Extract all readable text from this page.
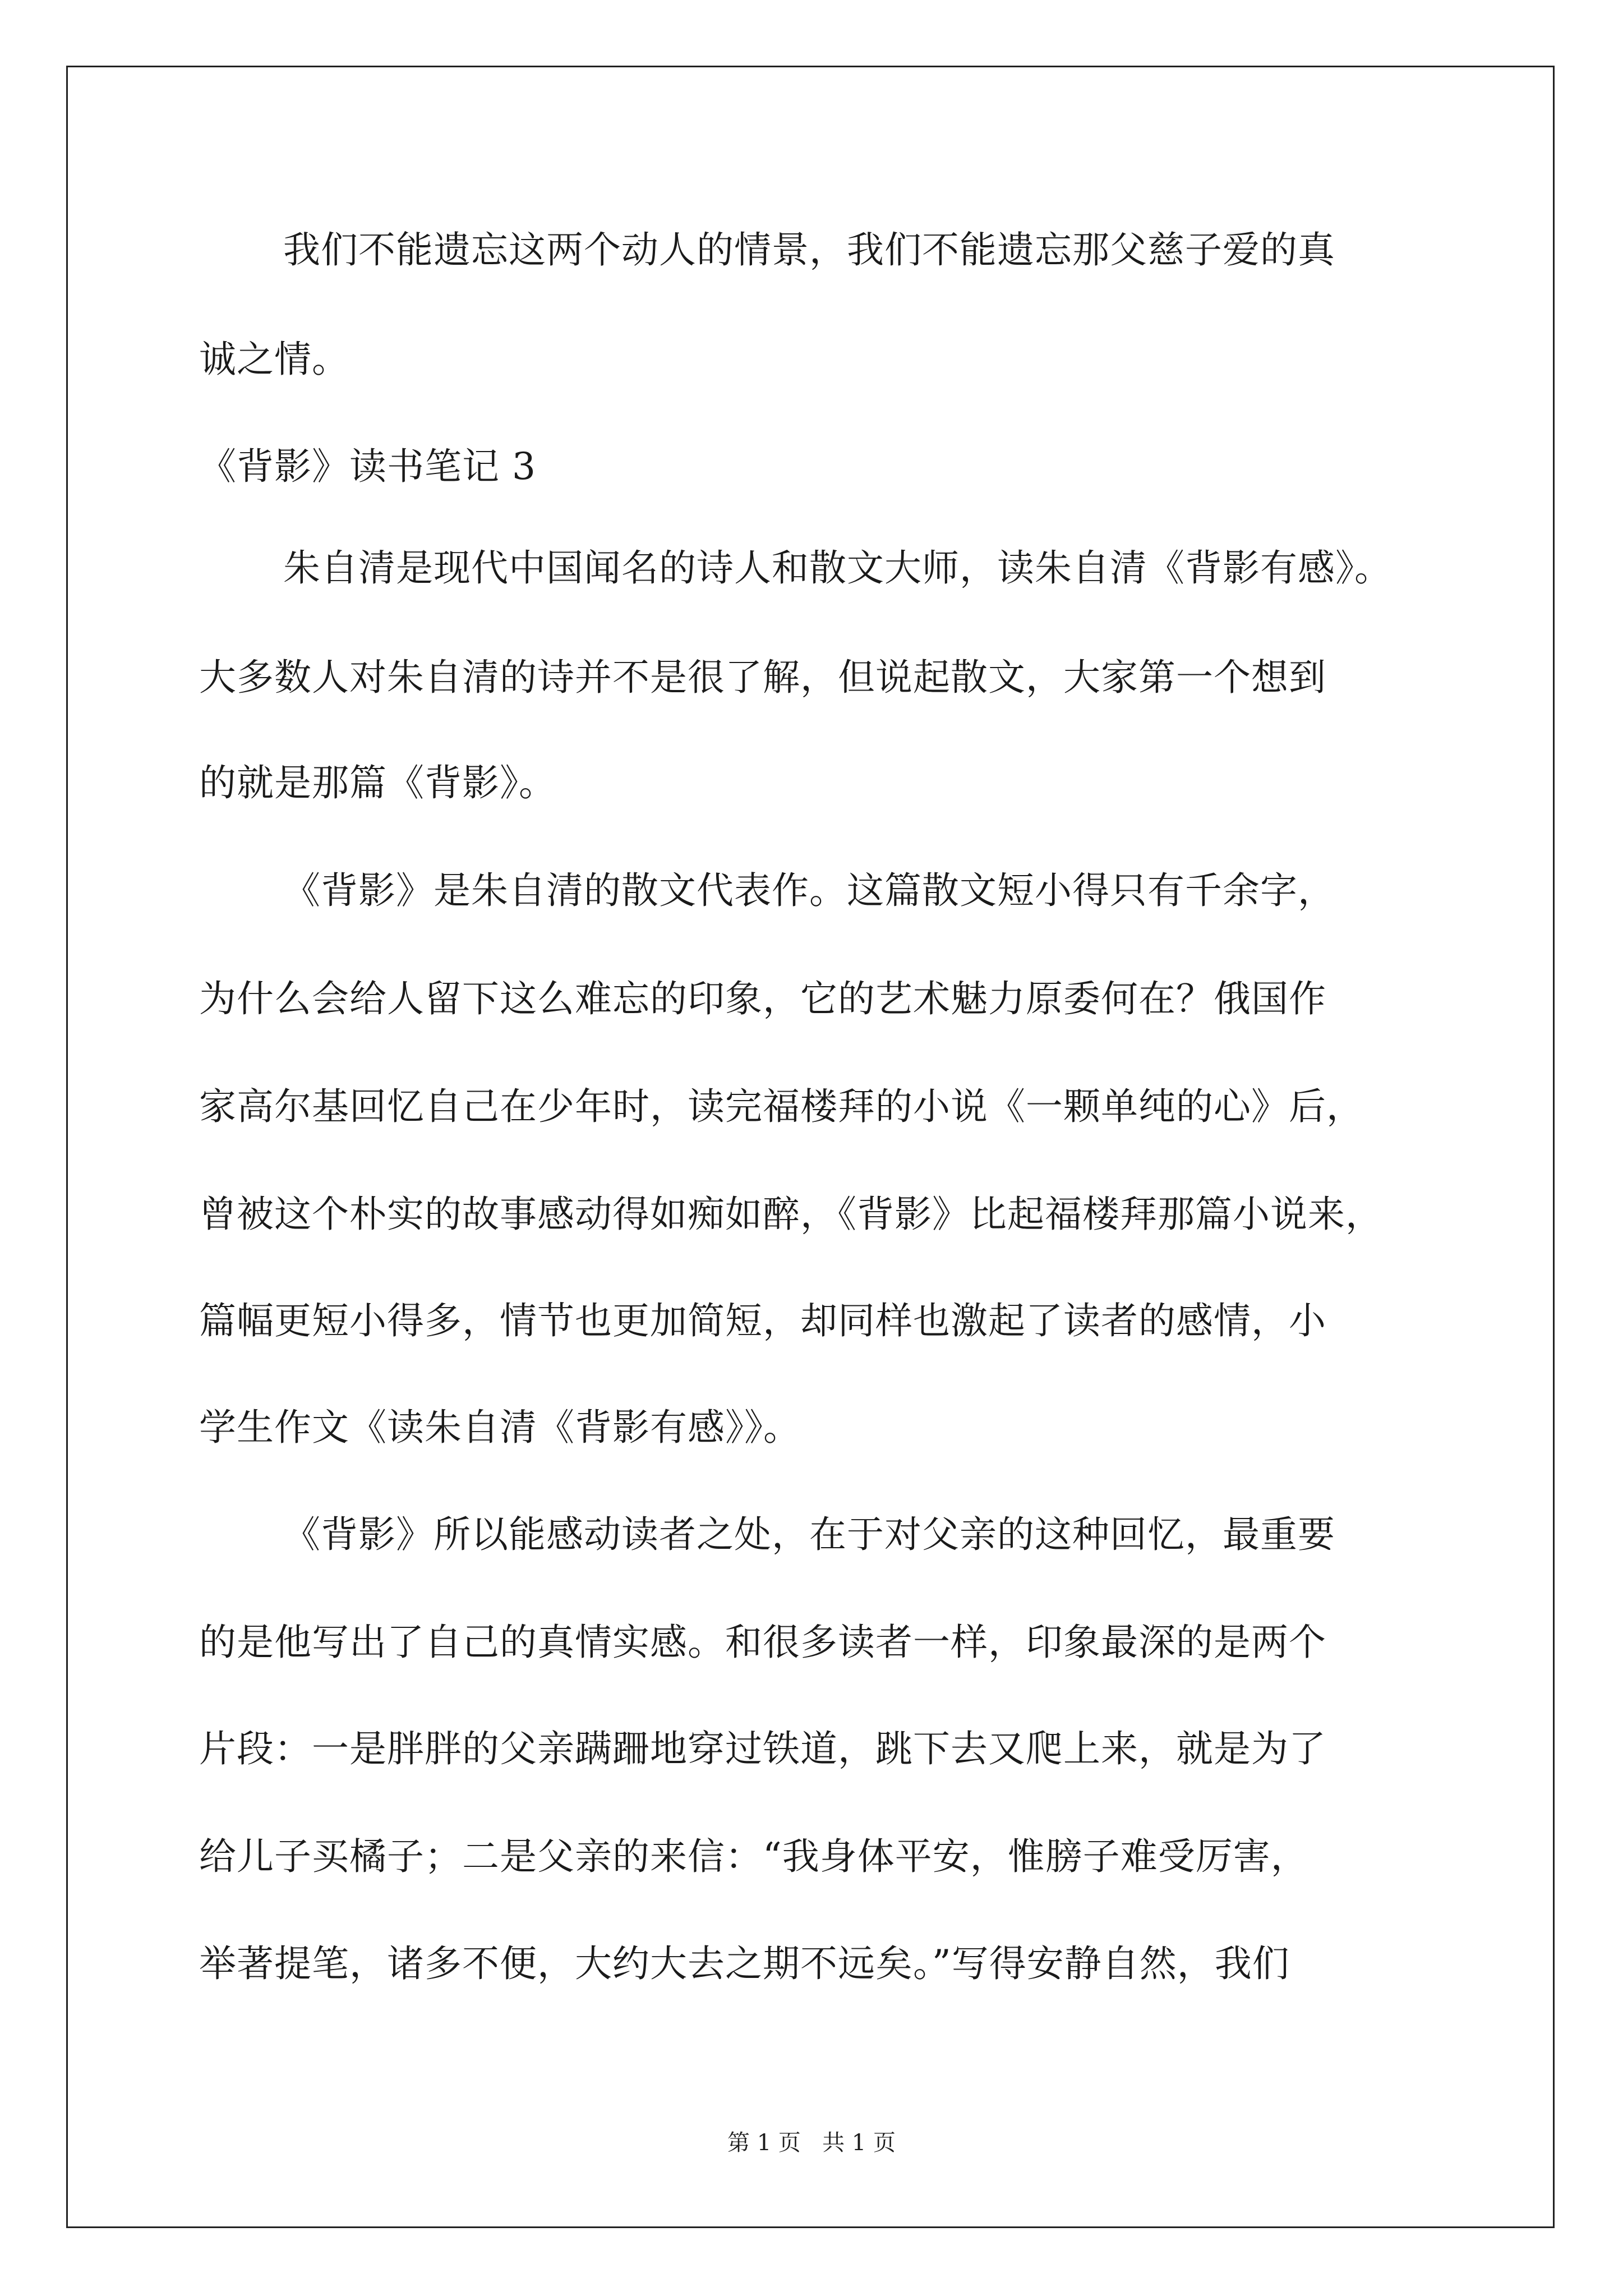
我们不能遗忘这两个动人的情景，我们不能遗忘那父慈子爱的真
诚之情。
《背影》读书笔记 3
朱自清是现代中国闻名的诗人和散文大师，读朱自清《背影有感》。
大多数人对朱自清的诗并不是很了解，但说起散文，大家第一个想到
的就是那篇《背影》。
《背影》是朱自清的散文代表作。这篇散文短小得只有千余字，
为什么会给人留下这么难忘的印象，它的艺术魅力原委何在？俄国作
家高尔基回忆自己在少年时，读完福楼拜的小说《一颗单纯的心》后，
曾被这个朴实的故事感动得如痴如醉，《背影》比起福楼拜那篇小说来，
篇幅更短小得多，情节也更加简短，却同样也激起了读者的感情，小
学生作文《读朱自清《背影有感》》。
《背影》所以能感动读者之处，在于对父亲的这种回忆，最重要
的是他写出了自己的真情实感。和很多读者一样，印象最深的是两个
片段：一是胖胖的父亲蹒跚地穿过铁道，跳下去又爬上来，就是为了
给儿子买橘子；二是父亲的来信：“我身体平安，惟膀子难受厉害，
举著提笔，诸多不便，大约大去之期不远矣。”写得安静自然，我们
第 1 页   共 1 页
